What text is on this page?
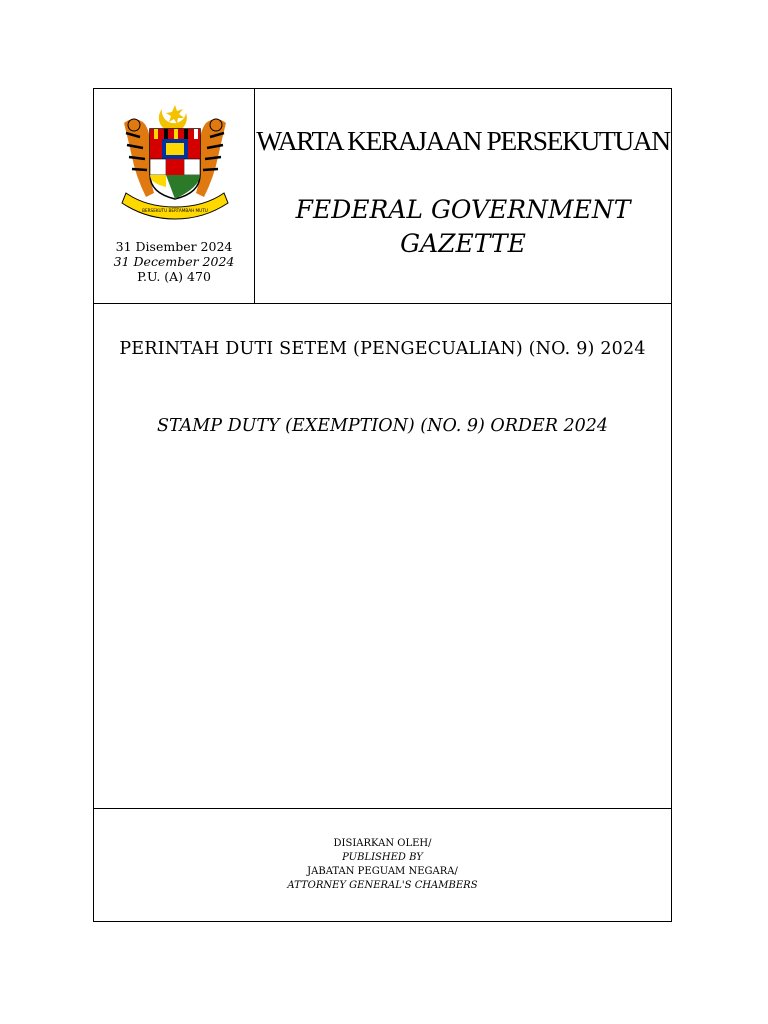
BERSEKUTU BERTAMBAH MUTU
31 Disember 2024
31 December 2024
P.U. (A) 470
WARTA KERAJAAN PERSEKUTUAN
FEDERAL GOVERNMENT
GAZETTE
PERINTAH DUTI SETEM (PENGECUALIAN) (NO. 9) 2024
STAMP DUTY (EXEMPTION) (NO. 9) ORDER 2024
DISIARKAN OLEH/
PUBLISHED BY
JABATAN PEGUAM NEGARA/
ATTORNEY GENERAL'S CHAMBERS
